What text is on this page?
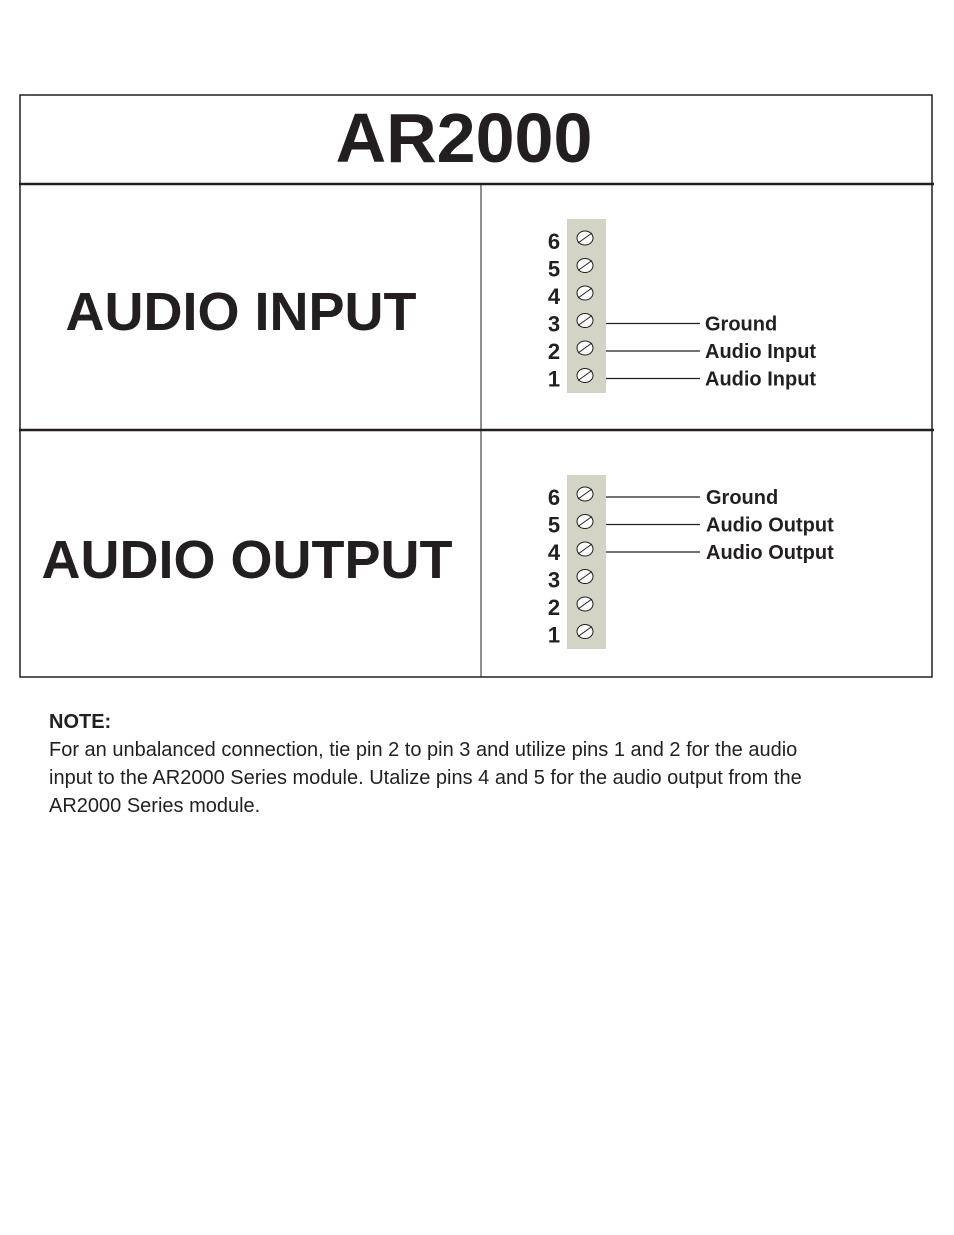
AR2000
AUDIO INPUT
AUDIO OUTPUT
6
5
4
3	Ground
2	Audio Input
1	Audio Input
6	Ground
5	Audio Output
4	Audio Output
3
2
1
NOTE:
For an unbalanced connection, tie pin 2 to pin 3 and utilize pins 1 and 2 for the audio
input to the AR2000 Series module. Utalize pins 4 and 5 for the audio output from the
AR2000 Series module.
